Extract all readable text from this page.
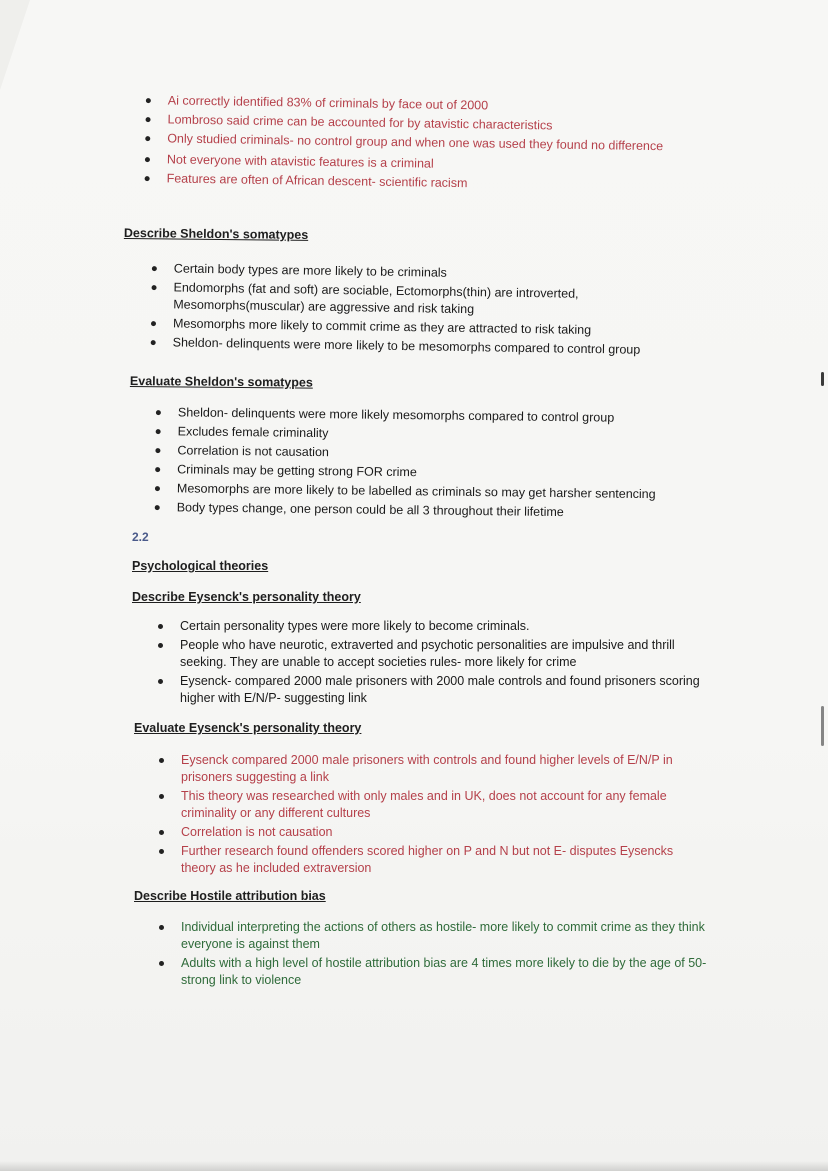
Ai correctly identified 83% of criminals by face out of 2000
Lombroso said crime can be accounted for by atavistic characteristics
Only studied criminals- no control group and when one was used they found no difference
Not everyone with atavistic features is a criminal
Features are often of African descent- scientific racism
Describe Sheldon's somatypes
Certain body types are more likely to be criminals
Endomorphs (fat and soft) are sociable, Ectomorphs(thin) are introverted, Mesomorphs(muscular) are aggressive and risk taking
Mesomorphs more likely to commit crime as they are attracted to risk taking
Sheldon- delinquents were more likely to be mesomorphs compared to control group
Evaluate Sheldon's somatypes
Sheldon- delinquents were more likely mesomorphs compared to control group
Excludes female criminality
Correlation is not causation
Criminals may be getting strong FOR crime
Mesomorphs are more likely to be labelled as criminals so may get harsher sentencing
Body types change, one person could be all 3 throughout their lifetime
2.2
Psychological theories
Describe Eysenck's personality theory
Certain personality types were more likely to become criminals.
People who have neurotic, extraverted and psychotic personalities are impulsive and thrill seeking. They are unable to accept societies rules- more likely for crime
Eysenck- compared 2000 male prisoners with 2000 male controls and found prisoners scoring higher with E/N/P- suggesting link
Evaluate Eysenck's personality theory
Eysenck compared 2000 male prisoners with controls and found higher levels of E/N/P in prisoners suggesting a link
This theory was researched with only males and in UK, does not account for any female criminality or any different cultures
Correlation is not causation
Further research found offenders scored higher on P and N but not E- disputes Eysencks theory as he included extraversion
Describe Hostile attribution bias
Individual interpreting the actions of others as hostile- more likely to commit crime as they think everyone is against them
Adults with a high level of hostile attribution bias are 4 times more likely to die by the age of 50- strong link to violence
